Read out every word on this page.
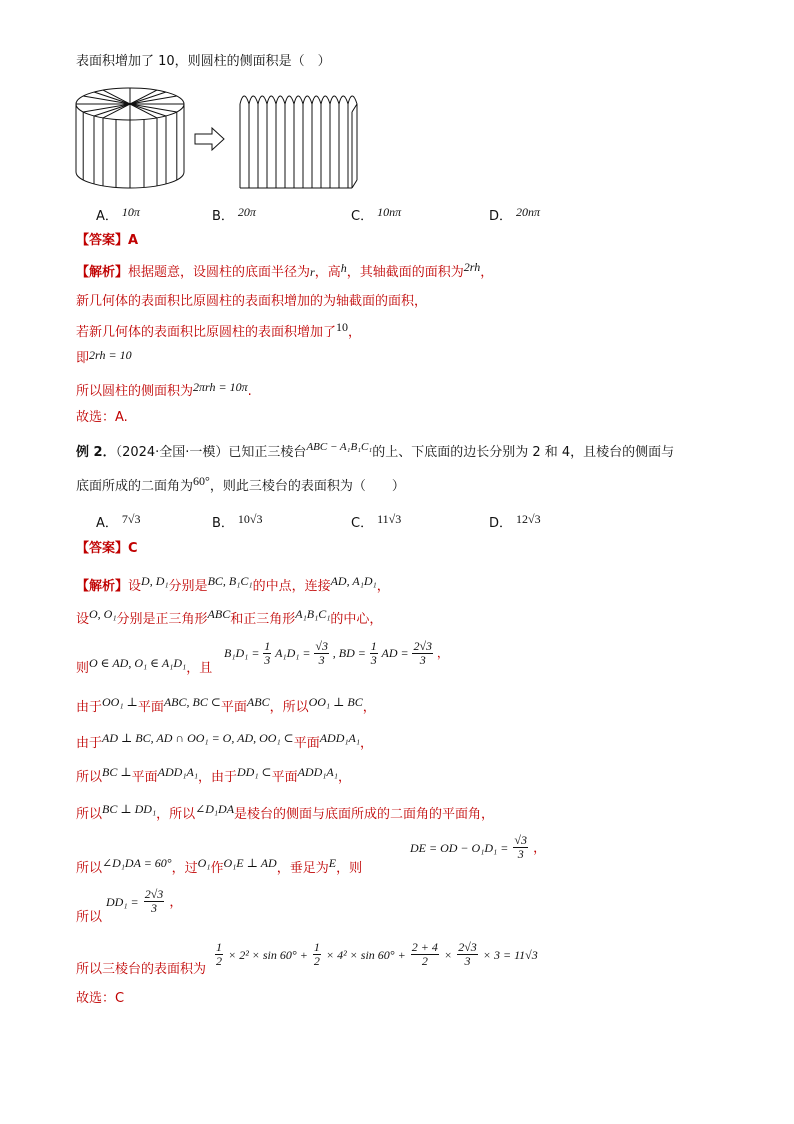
表面积增加了 10，则圆柱的侧面积是（　）
A． 10π	B． 20π	C． 10nπ	D． 20nπ
【答案】A
【解析】根据题意，设圆柱的底面半径为r，高h，其轴截面的面积为2rh，
新几何体的表面积比原圆柱的表面积增加的为轴截面的面积，
若新几何体的表面积比原圆柱的表面积增加了10，
即2rh = 10
所以圆柱的侧面积为2πrh = 10π.
故选：A.
例 2．（2024·全国·一模）已知正三棱台$^{ABC - A_1B_1C_1}$的上、下底面的边长分别为 2 和 4，且棱台的侧面与
底面所成的二面角为60°，则此三棱台的表面积为（　　）
A． 7√3	B． 10√3	C． 11√3	D． 12√3
【答案】C
【解析】设D, D₁分别是BC, B₁C₁的中点，连接AD, A₁D₁，
设O, O₁分别是正三角形ABC和正三角形A₁B₁C₁的中心，
则O ∈ AD, O₁ ∈ A₁D₁，且
$B_1D_1 = \frac{1}{3} A_1D_1 = \frac{√3}{3}$ , BD = $\frac{1}{3}$ AD = $\frac{2√3}{3}$ ，
由于OO₁ ⊥平面ABC, BC ⊂平面ABC，所以OO₁ ⊥ BC，
由于AD ⊥ BC, AD ∩ OO₁ = O, AD, OO₁ ⊂平面ADD₁A₁，
所以BC ⊥平面ADD₁A₁，由于DD₁ ⊂平面ADD₁A₁，
所以BC ⊥ DD₁，所以∠D₁DA是棱台的侧面与底面所成的二面角的平面角，
所以∠D₁DA = 60°，过O₁作O₁E ⊥ AD，垂足为E，则
DE = OD − $O_1D_1 = \frac{√3}{3}$ ，
所以
$DD_1 = \frac{2√3}{3}$ ，
所以三棱台的表面积为
$\frac{1}{2} \times 2^2 \times \sin 60^\circ + \frac{1}{2} \times 4^2 \times \sin 60^\circ + \frac{2 + 4}{2} \times \frac{2√3}{3} \times 3 = 11√3$
故选：C
